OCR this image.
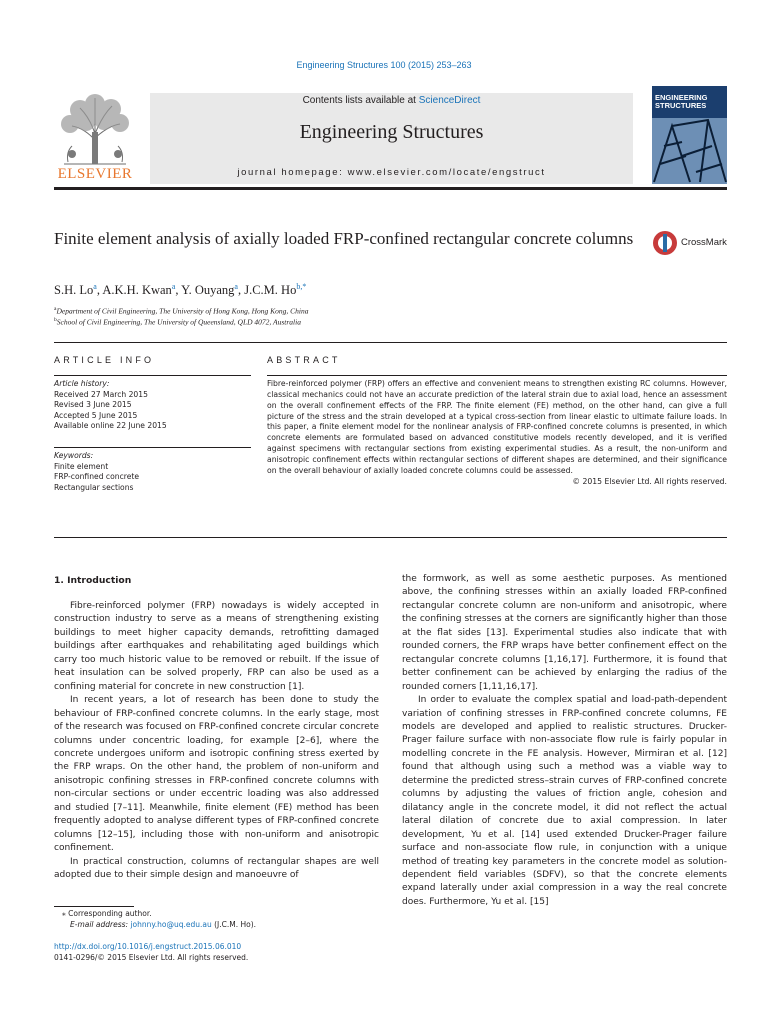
Engineering Structures 100 (2015) 253–263
ELSEVIER
Contents lists available at ScienceDirect
Engineering Structures
journal homepage: www.elsevier.com/locate/engstruct
ENGINEERING STRUCTURES
Finite element analysis of axially loaded FRP-confined rectangular concrete columns	CrossMark
S.H. Lo$^a$, A.K.H. Kwan$^a$, Y. Ouyang$^a$, J.C.M. $Ho^{b,*}$
$^a$Department of Civil Engineering, The University of Hong Kong, Hong Kong, China
$^b$School of Civil Engineering, The University of Queensland, QLD 4072, Australia
ARTICLE INFO
Article history:
Received 27 March 2015
Revised 3 June 2015
Accepted 5 June 2015
Available online 22 June 2015
Keywords:
Finite element
FRP-confined concrete
Rectangular sections
ABSTRACT
Fibre-reinforced polymer (FRP) offers an effective and convenient means to strengthen existing RC columns. However, classical mechanics could not have an accurate prediction of the lateral strain due to axial load, hence an assessment on the overall confinement effects of the FRP. The finite element (FE) method, on the other hand, can give a full picture of the stress and the strain developed at a typical cross-section from linear elastic to ultimate failure loads. In this paper, a finite element model for the nonlinear analysis of FRP-confined concrete columns is presented, in which concrete elements are formulated based on advanced constitutive models recently developed, and it is verified against specimens with rectangular sections from existing experimental studies. As a result, the non-uniform and anisotropic confinement effects within rectangular sections of different shapes are determined, and their significance on the overall behaviour of axially loaded concrete columns could be assessed.
© 2015 Elsevier Ltd. All rights reserved.
1. Introduction

Fibre-reinforced polymer (FRP) nowadays is widely accepted in construction industry to serve as a means of strengthening existing buildings to meet higher capacity demands, retrofitting damaged buildings after earthquakes and rehabilitating aged buildings which carry too much historic value to be removed or rebuilt. If the issue of heat insulation can be solved properly, FRP can also be used as a confining material for concrete in new construction [1].

In recent years, a lot of research has been done to study the behaviour of FRP-confined concrete columns. In the early stage, most of the research was focused on FRP-confined concrete circular concrete columns under concentric loading, for example [2–6], where the concrete undergoes uniform and isotropic confining stress exerted by the FRP wraps. On the other hand, the problem of non-uniform and anisotropic confining stresses in FRP-confined concrete columns with non-circular sections or under eccentric loading was also addressed and studied [7–11]. Meanwhile, finite element (FE) method has been frequently adopted to analyse different types of FRP-confined concrete columns [12–15], including those with non-uniform and anisotropic confinement.

In practical construction, columns of rectangular shapes are well adopted due to their simple design and manoeuvre of

the formwork, as well as some aesthetic purposes. As mentioned above, the confining stresses within an axially loaded FRP-confined rectangular concrete column are non-uniform and anisotropic, where the confining stresses at the corners are significantly higher than those at the flat sides [13]. Experimental studies also indicate that with rounded corners, the FRP wraps have better confinement effect on the rectangular concrete columns [1,16,17]. Furthermore, it is found that better confinement can be achieved by enlarging the radius of the rounded corners [1,11,16,17].

In order to evaluate the complex spatial and load-path-dependent variation of confining stresses in FRP-confined concrete columns, FE models are developed and applied to realistic structures. Drucker-Prager failure surface with non-associate flow rule is fairly popular in modelling concrete in the FE analysis. However, Mirmiran et al. [12] found that although using such a method was a viable way to determine the predicted stress–strain curves of FRP-confined concrete columns by adjusting the values of friction angle, cohesion and dilatancy angle in the concrete model, it did not reflect the actual lateral dilation of concrete due to axial compression. In later development, Yu et al. [14] used extended Drucker-Prager failure surface and non-associate flow rule, in conjunction with a unique method of treating key parameters in the concrete model as solution-dependent field variables (SDFV), so that the concrete elements expand laterally under axial compression in a way the real concrete does. Furthermore, Yu et al. [15]

⁎ Corresponding author.
E-mail address: johnny.ho@uq.edu.au (J.C.M. Ho).
http://dx.doi.org/10.1016/j.engstruct.2015.06.010
0141-0296/© 2015 Elsevier Ltd. All rights reserved.
